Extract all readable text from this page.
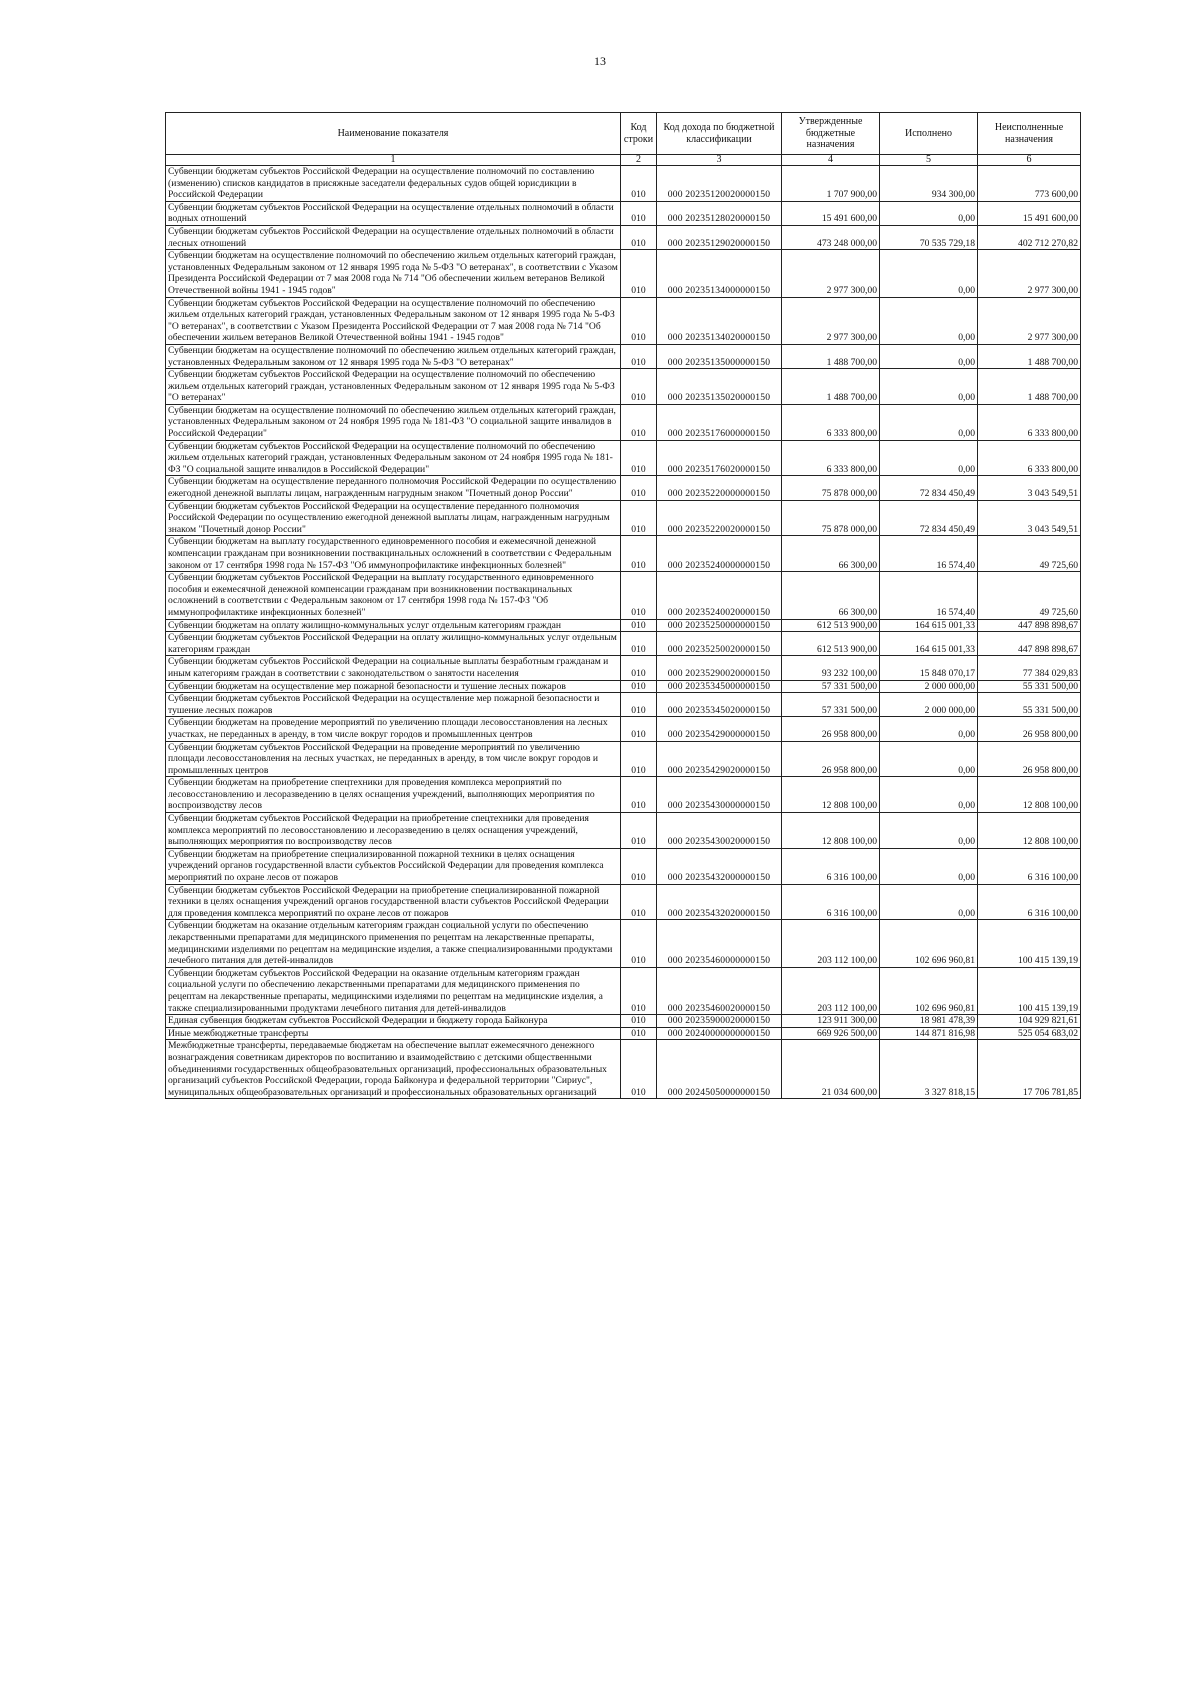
13
Наименование показателя	Код строки	Код дохода по бюджетной классификации	Утвержденные бюджетные назначения	Исполнено	Неисполненные назначения
1	2	3	4	5	6
Субвенции бюджетам субъектов Российской Федерации на осуществление полномочий по составлению (изменению) списков кандидатов в присяжные заседатели федеральных судов общей юрисдикции в Российской Федерации	010	000 20235120020000150	1 707 900,00	934 300,00	773 600,00
Субвенции бюджетам субъектов Российской Федерации на осуществление отдельных полномочий в области водных отношений	010	000 20235128020000150	15 491 600,00	0,00	15 491 600,00
Субвенции бюджетам субъектов Российской Федерации на осуществление отдельных полномочий в области лесных отношений	010	000 20235129020000150	473 248 000,00	70 535 729,18	402 712 270,82
Субвенции бюджетам на осуществление полномочий по обеспечению жильем отдельных категорий граждан, установленных Федеральным законом от 12 января 1995 года № 5-ФЗ "О ветеранах", в соответствии с Указом Президента Российской Федерации от 7 мая 2008 года № 714 "Об обеспечении жильем ветеранов Великой Отечественной войны 1941 - 1945 годов"	010	000 20235134000000150	2 977 300,00	0,00	2 977 300,00
Субвенции бюджетам субъектов Российской Федерации на осуществление полномочий по обеспечению жильем отдельных категорий граждан, установленных Федеральным законом от 12 января 1995 года № 5-ФЗ "О ветеранах", в соответствии с Указом Президента Российской Федерации от 7 мая 2008 года № 714 "Об обеспечении жильем ветеранов Великой Отечественной войны 1941 - 1945 годов"	010	000 20235134020000150	2 977 300,00	0,00	2 977 300,00
Субвенции бюджетам на осуществление полномочий по обеспечению жильем отдельных категорий граждан, установленных Федеральным законом от 12 января 1995 года № 5-ФЗ "О ветеранах"	010	000 20235135000000150	1 488 700,00	0,00	1 488 700,00
Субвенции бюджетам субъектов Российской Федерации на осуществление полномочий по обеспечению жильем отдельных категорий граждан, установленных Федеральным законом от 12 января 1995 года № 5-ФЗ "О ветеранах"	010	000 20235135020000150	1 488 700,00	0,00	1 488 700,00
Субвенции бюджетам на осуществление полномочий по обеспечению жильем отдельных категорий граждан, установленных Федеральным законом от 24 ноября 1995 года № 181-ФЗ "О социальной защите инвалидов в Российской Федерации"	010	000 20235176000000150	6 333 800,00	0,00	6 333 800,00
Субвенции бюджетам субъектов Российской Федерации на осуществление полномочий по обеспечению жильем отдельных категорий граждан, установленных Федеральным законом от 24 ноября 1995 года № 181-ФЗ "О социальной защите инвалидов в Российской Федерации"	010	000 20235176020000150	6 333 800,00	0,00	6 333 800,00
Субвенции бюджетам на осуществление переданного полномочия Российской Федерации по осуществлению ежегодной денежной выплаты лицам, награжденным нагрудным знаком "Почетный донор России"	010	000 20235220000000150	75 878 000,00	72 834 450,49	3 043 549,51
Субвенции бюджетам субъектов Российской Федерации на осуществление переданного полномочия Российской Федерации по осуществлению ежегодной денежной выплаты лицам, награжденным нагрудным знаком "Почетный донор России"	010	000 20235220020000150	75 878 000,00	72 834 450,49	3 043 549,51
Субвенции бюджетам на выплату государственного единовременного пособия и ежемесячной денежной компенсации гражданам при возникновении поствакцинальных осложнений в соответствии с Федеральным законом от 17 сентября 1998 года № 157-ФЗ "Об иммунопрофилактике инфекционных болезней"	010	000 20235240000000150	66 300,00	16 574,40	49 725,60
Субвенции бюджетам субъектов Российской Федерации на выплату государственного единовременного пособия и ежемесячной денежной компенсации гражданам при возникновении поствакцинальных осложнений в соответствии с Федеральным законом от 17 сентября 1998 года № 157-ФЗ "Об иммунопрофилактике инфекционных болезней"	010	000 20235240020000150	66 300,00	16 574,40	49 725,60
Субвенции бюджетам на оплату жилищно-коммунальных услуг отдельным категориям граждан	010	000 20235250000000150	612 513 900,00	164 615 001,33	447 898 898,67
Субвенции бюджетам субъектов Российской Федерации на оплату жилищно-коммунальных услуг отдельным категориям граждан	010	000 20235250020000150	612 513 900,00	164 615 001,33	447 898 898,67
Субвенции бюджетам субъектов Российской Федерации на социальные выплаты безработным гражданам и иным категориям граждан в соответствии с законодательством о занятости населения	010	000 20235290020000150	93 232 100,00	15 848 070,17	77 384 029,83
Субвенции бюджетам на осуществление мер пожарной безопасности и тушение лесных пожаров	010	000 20235345000000150	57 331 500,00	2 000 000,00	55 331 500,00
Субвенции бюджетам субъектов Российской Федерации на осуществление мер пожарной безопасности и тушение лесных пожаров	010	000 20235345020000150	57 331 500,00	2 000 000,00	55 331 500,00
Субвенции бюджетам на проведение мероприятий по увеличению площади лесовосстановления на лесных участках, не переданных в аренду, в том числе вокруг городов и промышленных центров	010	000 20235429000000150	26 958 800,00	0,00	26 958 800,00
Субвенции бюджетам субъектов Российской Федерации на проведение мероприятий по увеличению площади лесовосстановления на лесных участках, не переданных в аренду, в том числе вокруг городов и промышленных центров	010	000 20235429020000150	26 958 800,00	0,00	26 958 800,00
Субвенции бюджетам на приобретение спецтехники для проведения комплекса мероприятий по лесовосстановлению и лесоразведению в целях оснащения учреждений, выполняющих мероприятия по воспроизводству лесов	010	000 20235430000000150	12 808 100,00	0,00	12 808 100,00
Субвенции бюджетам субъектов Российской Федерации на приобретение спецтехники для проведения комплекса мероприятий по лесовосстановлению и лесоразведению в целях оснащения учреждений, выполняющих мероприятия по воспроизводству лесов	010	000 20235430020000150	12 808 100,00	0,00	12 808 100,00
Субвенции бюджетам на приобретение специализированной пожарной техники в целях оснащения учреждений органов государственной власти субъектов Российской Федерации для проведения комплекса мероприятий по охране лесов от пожаров	010	000 20235432000000150	6 316 100,00	0,00	6 316 100,00
Субвенции бюджетам субъектов Российской Федерации на приобретение специализированной пожарной техники в целях оснащения учреждений органов государственной власти субъектов Российской Федерации для проведения комплекса мероприятий по охране лесов от пожаров	010	000 20235432020000150	6 316 100,00	0,00	6 316 100,00
Субвенции бюджетам на оказание отдельным категориям граждан социальной услуги по обеспечению лекарственными препаратами для медицинского применения по рецептам на лекарственные препараты, медицинскими изделиями по рецептам на медицинские изделия, а также специализированными продуктами лечебного питания для детей-инвалидов	010	000 20235460000000150	203 112 100,00	102 696 960,81	100 415 139,19
Субвенции бюджетам субъектов Российской Федерации на оказание отдельным категориям граждан социальной услуги по обеспечению лекарственными препаратами для медицинского применения по рецептам на лекарственные препараты, медицинскими изделиями по рецептам на медицинские изделия, а также специализированными продуктами лечебного питания для детей-инвалидов	010	000 20235460020000150	203 112 100,00	102 696 960,81	100 415 139,19
Единая субвенция бюджетам субъектов Российской Федерации и бюджету города Байконура	010	000 20235900020000150	123 911 300,00	18 981 478,39	104 929 821,61
Иные межбюджетные трансферты	010	000 20240000000000150	669 926 500,00	144 871 816,98	525 054 683,02
Межбюджетные трансферты, передаваемые бюджетам на обеспечение выплат ежемесячного денежного вознаграждения советникам директоров по воспитанию и взаимодействию с детскими общественными объединениями государственных общеобразовательных организаций, профессиональных образовательных организаций субъектов Российской Федерации, города Байконура и федеральной территории "Сириус", муниципальных общеобразовательных организаций и профессиональных образовательных организаций	010	000 20245050000000150	21 034 600,00	3 327 818,15	17 706 781,85
